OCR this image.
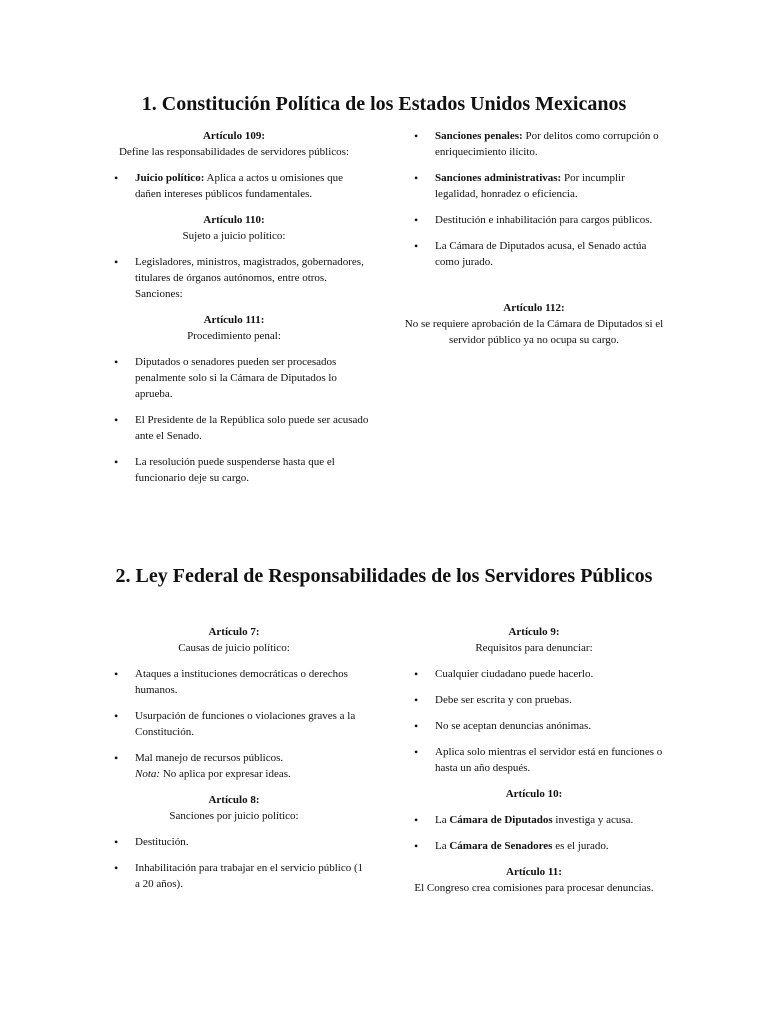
1. Constitución Política de los Estados Unidos Mexicanos

Artículo 109:
Define las responsabilidades de servidores públicos:

• Juicio político: Aplica a actos u omisiones que dañen intereses públicos fundamentales.

Artículo 110:
Sujeto a juicio político:

• Legisladores, ministros, magistrados, gobernadores, titulares de órganos autónomos, entre otros.
Sanciones:

Artículo 111:
Procedimiento penal:

• Diputados o senadores pueden ser procesados penalmente solo si la Cámara de Diputados lo aprueba.
• El Presidente de la República solo puede ser acusado ante el Senado.
• La resolución puede suspenderse hasta que el funcionario deje su cargo.
• Sanciones penales: Por delitos como corrupción o enriquecimiento ilícito.
• Sanciones administrativas: Por incumplir legalidad, honradez o eficiencia.
• Destitución e inhabilitación para cargos públicos.
• La Cámara de Diputados acusa, el Senado actúa como jurado.

Artículo 112:
No se requiere aprobación de la Cámara de Diputados si el servidor público ya no ocupa su cargo.

2. Ley Federal de Responsabilidades de los Servidores Públicos

Artículo 7:
Causas de juicio político:

• Ataques a instituciones democráticas o derechos humanos.
• Usurpación de funciones o violaciones graves a la Constitución.
• Mal manejo de recursos públicos.
Nota: No aplica por expresar ideas.

Artículo 8:
Sanciones por juicio político:

• Destitución.
• Inhabilitación para trabajar en el servicio público (1 a 20 años).

Artículo 9:
Requisitos para denunciar:

• Cualquier ciudadano puede hacerlo.
• Debe ser escrita y con pruebas.
• No se aceptan denuncias anónimas.
• Aplica solo mientras el servidor está en funciones o hasta un año después.

Artículo 10:

• La Cámara de Diputados investiga y acusa.
• La Cámara de Senadores es el jurado.

Artículo 11:
El Congreso crea comisiones para procesar denuncias.
